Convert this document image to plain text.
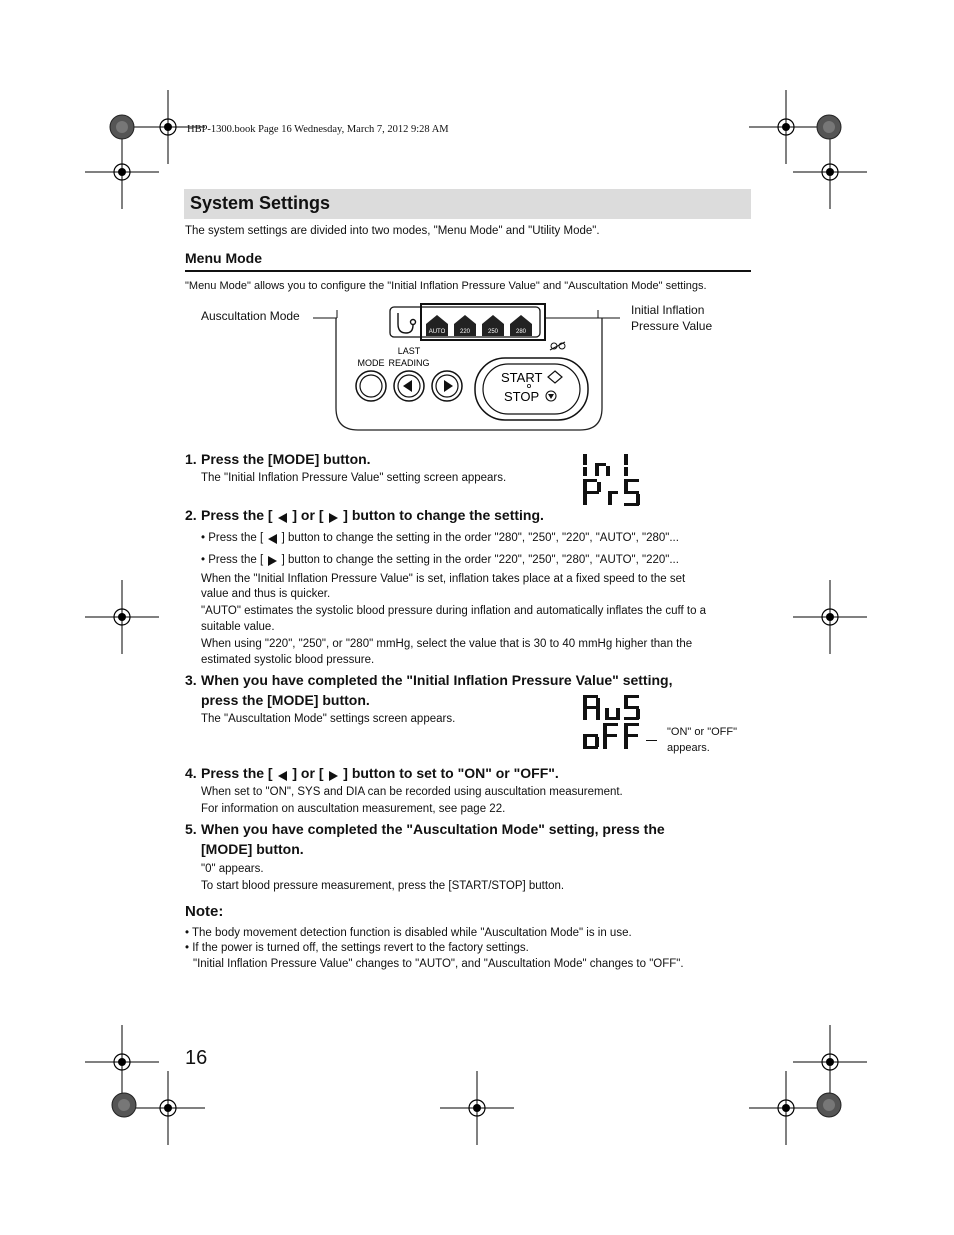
HBP-1300.book Page 16 Wednesday, March 7, 2012 9:28 AM
System Settings
The system settings are divided into two modes, "Menu Mode" and "Utility Mode".
Menu Mode
"Menu Mode" allows you to configure the "Initial Inflation Pressure Value" and "Auscultation Mode" settings.
Auscultation Mode	Initial Inflation
Pressure Value
AUTO 220	250	280
MODE
LAST
READING
START
STOP
1. Press the [MODE] button.
The "Initial Inflation Pressure Value" setting screen appears.
2. Press the [  ] or [  ] button to change the setting.
• Press the [  ] button to change the setting in the order "280", "250", "220", "AUTO", "280"...
• Press the [  ] button to change the setting in the order "220", "250", "280", "AUTO", "220"...
When the "Initial Inflation Pressure Value" is set, inflation takes place at a fixed speed to the set
value and thus is quicker.
"AUTO" estimates the systolic blood pressure during inflation and automatically inflates the cuff to a
suitable value.
When using "220", "250", or "280" mmHg, select the value that is 30 to 40 mmHg higher than the
estimated systolic blood pressure.
3. When you have completed the "Initial Inflation Pressure Value" setting,
press the [MODE] button.
The "Auscultation Mode" settings screen appears.
"ON" or "OFF"
appears.
4. Press the [  ] or [  ] button to set to "ON" or "OFF".
When set to "ON", SYS and DIA can be recorded using auscultation measurement.
For information on auscultation measurement, see page 22.
5. When you have completed the "Auscultation Mode" setting, press the
[MODE] button.
"0" appears.
To start blood pressure measurement, press the [START/STOP] button.
Note:
• The body movement detection function is disabled while "Auscultation Mode" is in use.
• If the power is turned off, the settings revert to the factory settings.
"Initial Inflation Pressure Value" changes to "AUTO", and "Auscultation Mode" changes to "OFF".
16
